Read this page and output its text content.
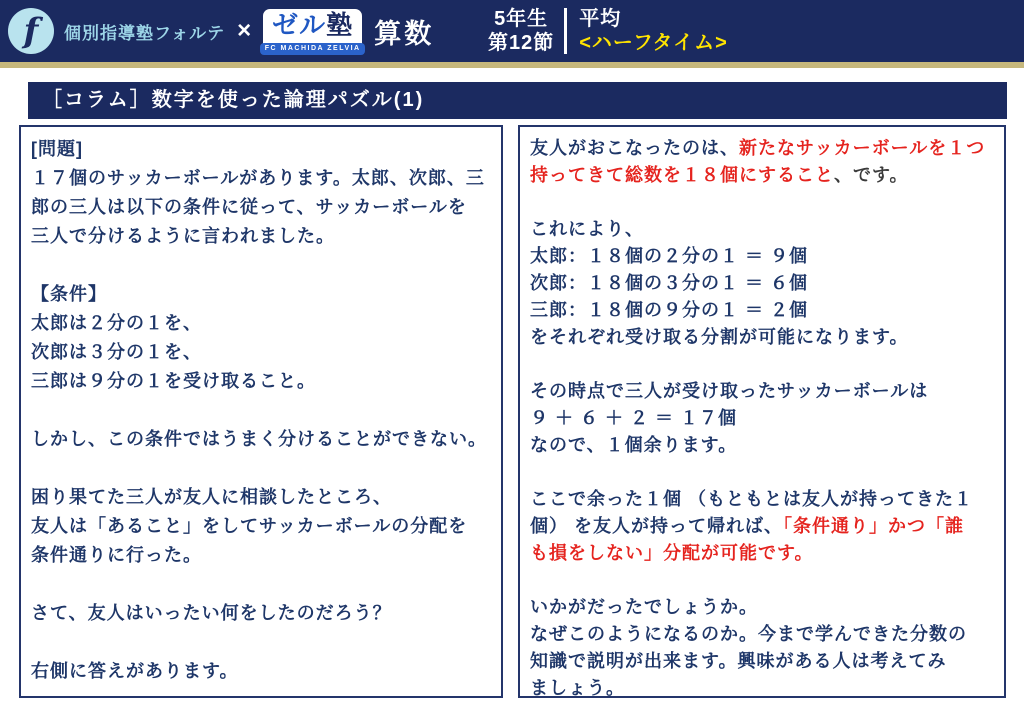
f 個別指導塾フォルテ × ゼル塾
FC MACHIDA ZELVIA
算数	5年生
第12節
平均
<ハーフタイム>
［コラム］数字を使った論理パズル(1)
[問題]
１７個のサッカーボールがあります。太郎、次郎、三
郎の三人は以下の条件に従って、サッカーボールを
三人で分けるように言われました。

【条件】
太郎は２分の１を、
次郎は３分の１を、
三郎は９分の１を受け取ること。

しかし、この条件ではうまく分けることができない。

困り果てた三人が友人に相談したところ、
友人は「あること」をしてサッカーボールの分配を
条件通りに行った。

さて、友人はいったい何をしたのだろう？

右側に答えがあります。
友人がおこなったのは、新たなサッカーボールを１つ
持ってきて総数を１８個にすること、です。

これにより、
太郎：１８個の２分の１ ＝ ９個
次郎：１８個の３分の１ ＝ ６個
三郎：１８個の９分の１ ＝ ２個
をそれぞれ受け取る分割が可能になります。

その時点で三人が受け取ったサッカーボールは
９ ＋ ６ ＋ ２ ＝ １７個
なので、１個余ります。

ここで余った１個 （もともとは友人が持ってきた１
個） を友人が持って帰れば、「条件通り」かつ「誰
も損をしない」分配が可能です。

いかがだったでしょうか。
なぜこのようになるのか。今まで学んできた分数の
知識で説明が出来ます。興味がある人は考えてみ
ましょう。
